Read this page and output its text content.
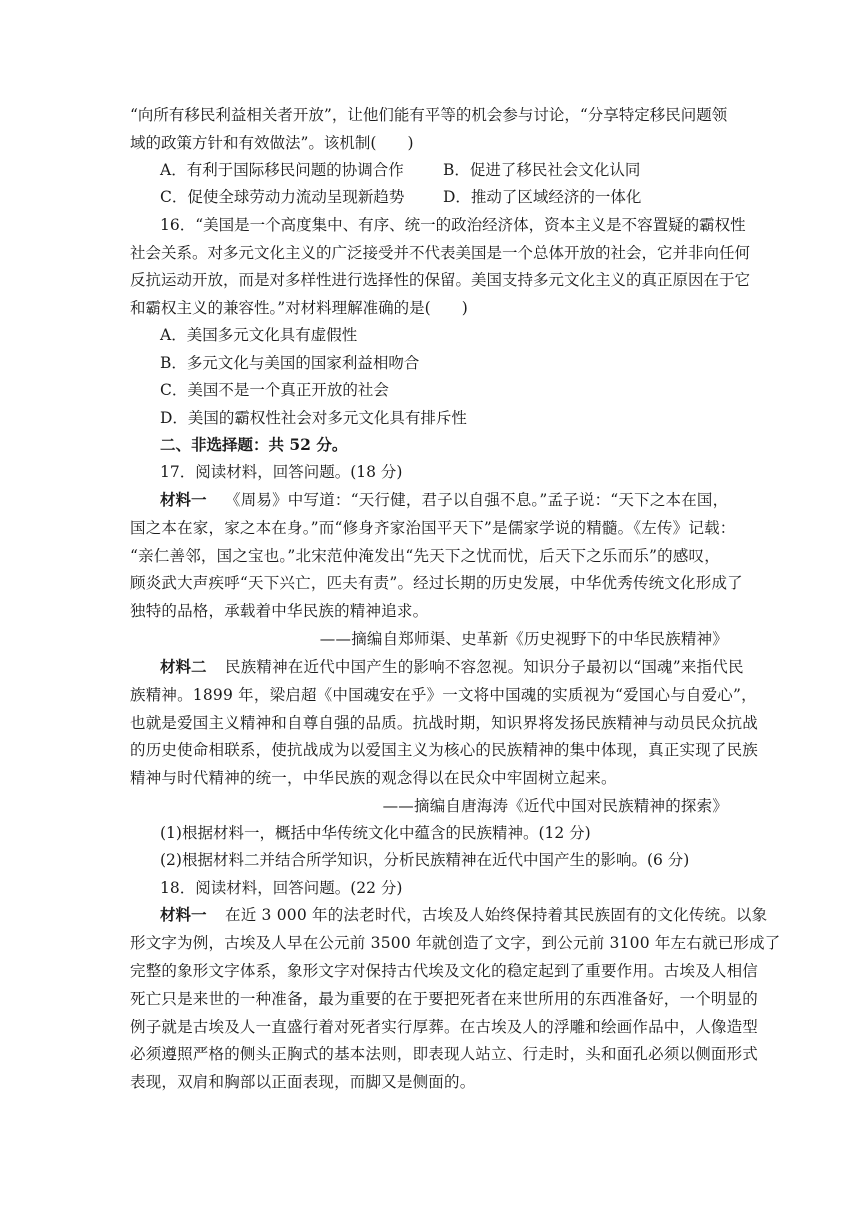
“向所有移民利益相关者开放”，让他们能有平等的机会参与讨论，“分享特定移民问题领
域的政策方针和有效做法”。该机制(　　)
A．有利于国际移民问题的协调合作	B．促进了移民社会文化认同
C．促使全球劳动力流动呈现新趋势 D．推动了区域经济的一体化
16．“美国是一个高度集中、有序、统一的政治经济体，资本主义是不容置疑的霸权性
社会关系。对多元文化主义的广泛接受并不代表美国是一个总体开放的社会，它并非向任何
反抗运动开放，而是对多样性进行选择性的保留。美国支持多元文化主义的真正原因在于它
和霸权主义的兼容性。”对材料理解准确的是(　　)
A．美国多元文化具有虚假性
B．多元文化与美国的国家利益相吻合
C．美国不是一个真正开放的社会
D．美国的霸权性社会对多元文化具有排斥性
二、非选择题：共 52 分。
17．阅读材料，回答问题。(18 分)
材料一 《周易》中写道：“天行健，君子以自强不息。”孟子说：“天下之本在国，
国之本在家，家之本在身。”而“修身齐家治国平天下”是儒家学说的精髓。《左传》记载：
“亲仁善邻，国之宝也。”北宋范仲淹发出“先天下之忧而忧，后天下之乐而乐”的感叹，
顾炎武大声疾呼“天下兴亡，匹夫有责”。经过长期的历史发展，中华优秀传统文化形成了
独特的品格，承载着中华民族的精神追求。
——摘编自郑师渠、史革新《历史视野下的中华民族精神》
材料二 民族精神在近代中国产生的影响不容忽视。知识分子最初以“国魂”来指代民
族精神。1899 年，梁启超《中国魂安在乎》一文将中国魂的实质视为“爱国心与自爱心”，
也就是爱国主义精神和自尊自强的品质。抗战时期，知识界将发扬民族精神与动员民众抗战
的历史使命相联系，使抗战成为以爱国主义为核心的民族精神的集中体现，真正实现了民族
精神与时代精神的统一，中华民族的观念得以在民众中牢固树立起来。
——摘编自唐海涛《近代中国对民族精神的探索》
(1)根据材料一，概括中华传统文化中蕴含的民族精神。(12 分)
(2)根据材料二并结合所学知识，分析民族精神在近代中国产生的影响。(6 分)
18．阅读材料，回答问题。(22 分)
材料一 在近 3 000 年的法老时代，古埃及人始终保持着其民族固有的文化传统。以象
形文字为例，古埃及人早在公元前 3500 年就创造了文字，到公元前 3100 年左右就已形成了
完整的象形文字体系，象形文字对保持古代埃及文化的稳定起到了重要作用。古埃及人相信
死亡只是来世的一种准备，最为重要的在于要把死者在来世所用的东西准备好，一个明显的
例子就是古埃及人一直盛行着对死者实行厚葬。在古埃及人的浮雕和绘画作品中，人像造型
必须遵照严格的侧头正胸式的基本法则，即表现人站立、行走时，头和面孔必须以侧面形式
表现，双肩和胸部以正面表现，而脚又是侧面的。
